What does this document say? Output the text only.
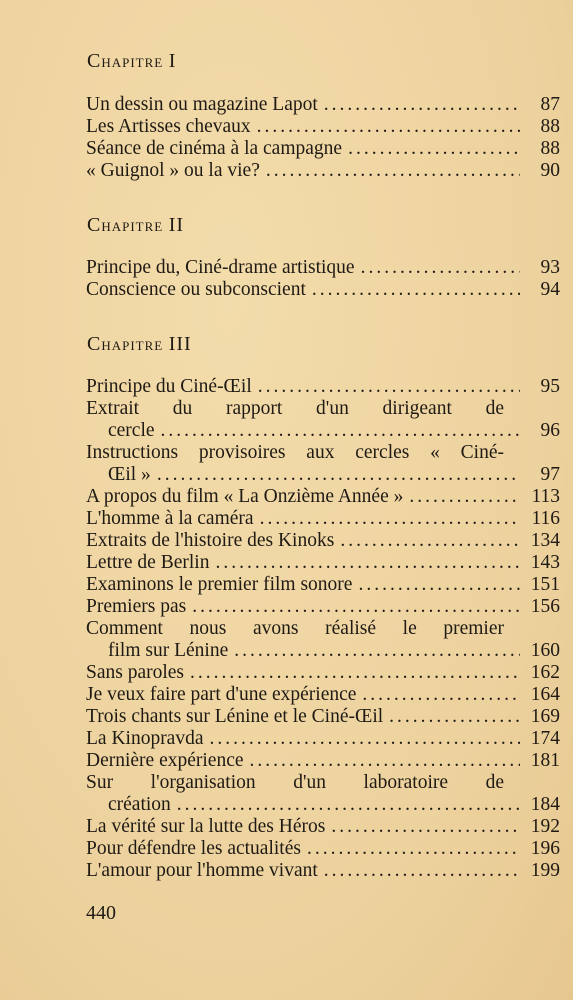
Chapitre I
Un dessin ou magazine Lapot .....	87
Les Artisses chevaux .....	88
Séance de cinéma à la campagne .....	88
« Guignol » ou la vie? .....	90
Chapitre II
Principe du, Ciné-drame artistique .....	93
Conscience ou subconscient .....	94
Chapitre III
Principe du Ciné-Œil .....	95
Extrait du rapport d'un dirigeant de
cercle .....	96
Instructions provisoires aux cercles « Ciné-
Œil » .....	97
A propos du film « La Onzième Année » .....	113
L'homme à la caméra .....	116
Extraits de l'histoire des Kinoks .....	134
Lettre de Berlin .....	143
Examinons le premier film sonore .....	151
Premiers pas .....	156
Comment nous avons réalisé le premier
film sur Lénine .....	160
Sans paroles .....	162
Je veux faire part d'une expérience .....	164
Trois chants sur Lénine et le Ciné-Œil .....	169
La Kinopravda .....	174
Dernière expérience .....	181
Sur l'organisation d'un laboratoire de
création .....	184
La vérité sur la lutte des Héros .....	192
Pour défendre les actualités .....	196
L'amour pour l'homme vivant .....	199
440
